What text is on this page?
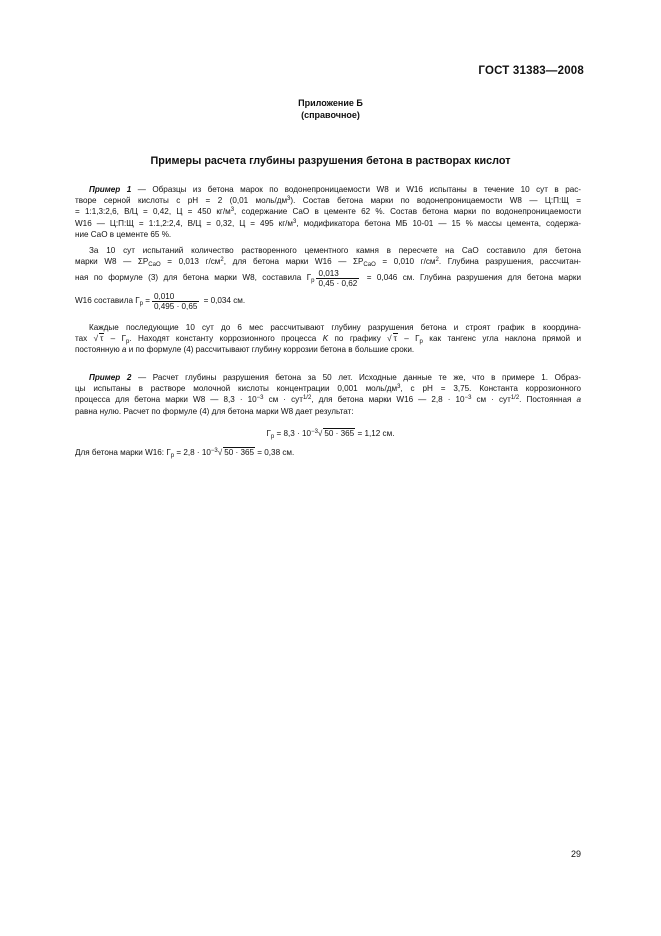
ГОСТ 31383—2008
Приложение Б
(справочное)
Примеры расчета глубины разрушения бетона в растворах кислот
Пример 1 — Образцы из бетона марок по водонепроницаемости W8 и W16 испытаны в течение 10 сут в рас-
творе серной кислоты с pH = 2 (0,01 моль/$дм^3$). Состав бетона марки по водонепроницаемости W8 — Ц:П:Щ =
= 1:1,3:2,6, В/Ц = 0,42, Ц = 450 $кг/м^3$, содержание CaO в цементе 62 %. Состав бетона марки по водонепроницаемости
W16 — Ц:П:Щ = 1:1,2:2,4, В/Ц = 0,32, Ц = 495 $кг/м^3$, модификатора бетона МБ 10-01 — 15 % массы цемента, содержа-
ние CaO в цементе 65 %.
За 10 сут испытаний количество растворенного цементного камня в пересчете на CaO составило для бетона
марки W8 — $\Sigma P_{CaO} = 0,013$ $г/см^2$, для бетона марки W16 — $\Sigma P_{CaO} = 0,010$ $г/см^2$. Глубина разрушения, рассчитан-
ная по формуле (3) для бетона марки W8, составила $Г_р \frac{0,013}{0,45 \cdot 0,62} = 0,046$ см. Глубина разрушения для бетона марки
W16 составила $Г_р = \frac{0,010}{0,495 \cdot 0,65} = 0,034$ см.
Каждые последующие 10 сут до 6 мес рассчитывают глубину разрушения бетона и строят график в координа-
тах √ τ – $Г_р$. Находят константу коррозионного процесса K по графику √ τ – $Г_р$ как тангенс угла наклона прямой и
постоянную а и по формуле (4) рассчитывают глубину коррозии бетона в большие сроки.
Пример 2 — Расчет глубины разрушения бетона за 50 лет. Исходные данные те же, что в примере 1. Образ-
цы испытаны в растворе молочной кислоты концентрации 0,001 моль/$дм^3$, с pH = 3,75. Константа коррозионного
процесса для бетона марки W8 — $8,3 \cdot 10^{-3}$ см · сут$^{1/2}$, для бетона марки W16 — $2,8 \cdot 10^{-3}$ см · сут$^{1/2}$. Постоянная а
равна нулю. Расчет по формуле (4) для бетона марки W8 дает результат:
$Г_р = 8,3 \cdot 10^{-3}√$ 50 · 365 = 1,12 см.
Для бетона марки W16: $Г_р = 2,8 \cdot 10^{-3}√$ 50 · 365 = 0,38 см.
29
